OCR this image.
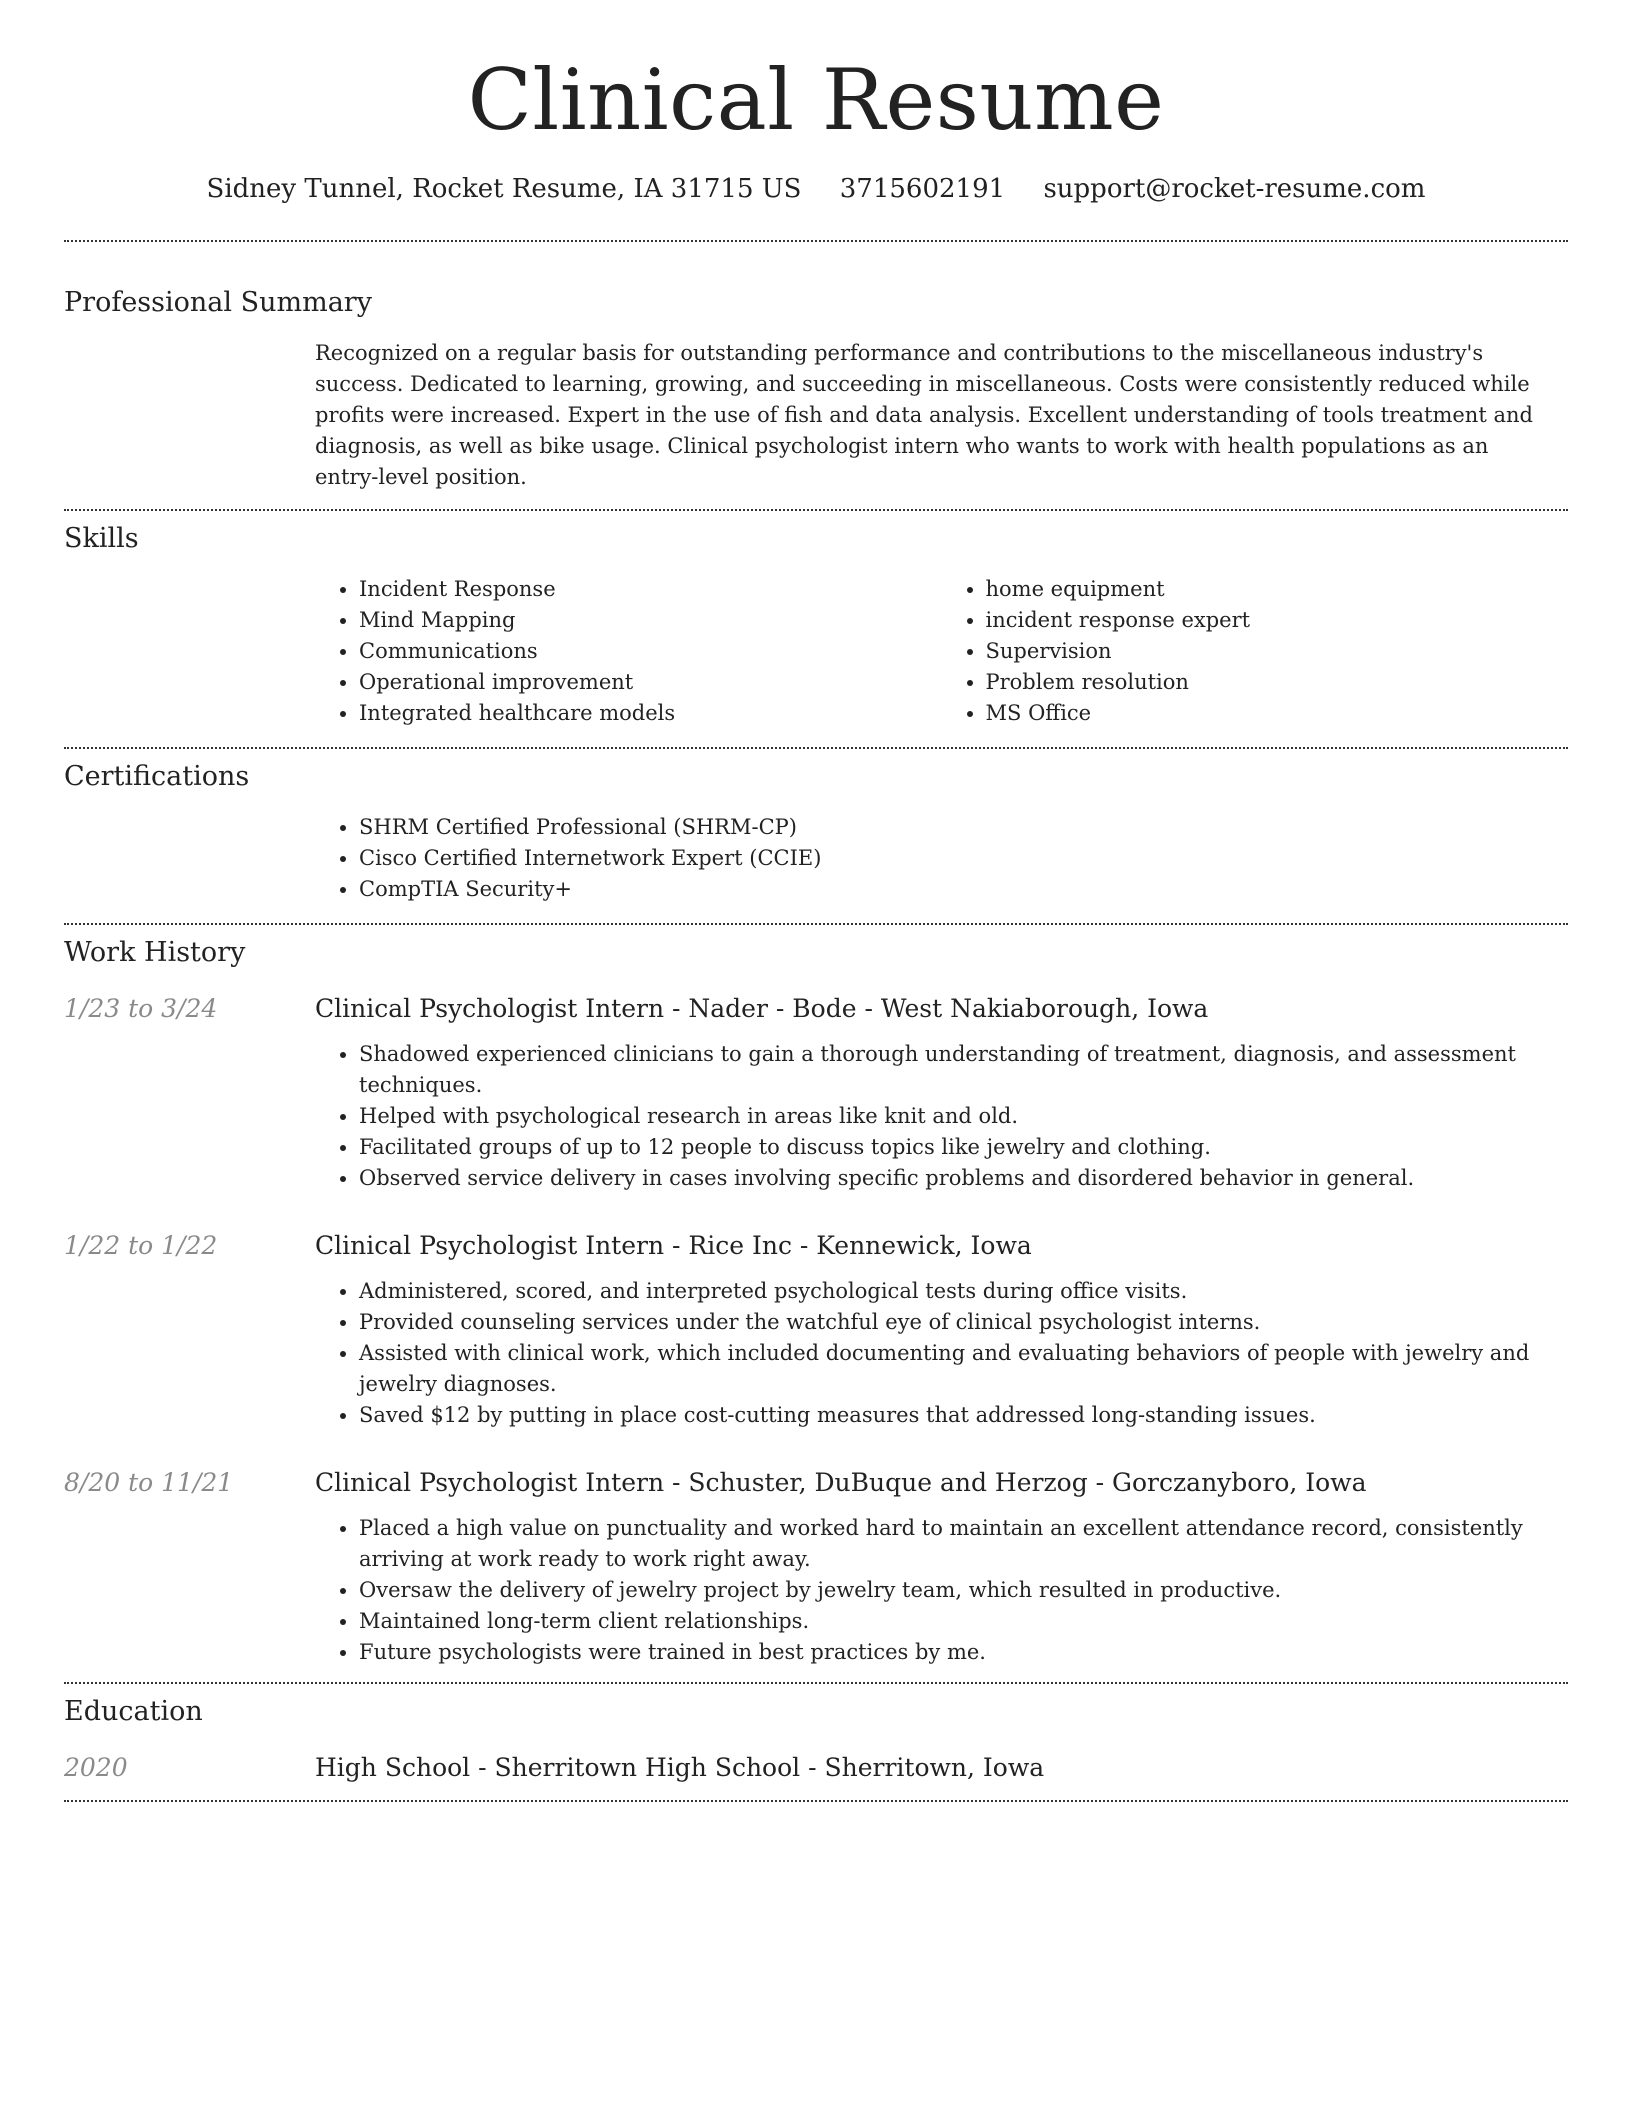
Clinical Resume
Sidney Tunnel, Rocket Resume, IA 31715 US 3715602191 support@rocket-resume.com
Professional Summary
Recognized on a regular basis for outstanding performance and contributions to the miscellaneous industry's success. Dedicated to learning, growing, and succeeding in miscellaneous. Costs were consistently reduced while profits were increased. Expert in the use of fish and data analysis. Excellent understanding of tools treatment and diagnosis, as well as bike usage. Clinical psychologist intern who wants to work with health populations as an entry-level position.
Skills
• Incident Response
• Mind Mapping
• Communications
• Operational improvement
• Integrated healthcare models
• home equipment
• incident response expert
• Supervision
• Problem resolution
• MS Office
Certifications
• SHRM Certified Professional (SHRM-CP)
• Cisco Certified Internetwork Expert (CCIE)
• CompTIA Security+
Work History
1/23 to 3/24	Clinical Psychologist Intern - Nader - Bode - West Nakiaborough, Iowa
• Shadowed experienced clinicians to gain a thorough understanding of treatment, diagnosis, and assessment techniques.
• Helped with psychological research in areas like knit and old.
• Facilitated groups of up to 12 people to discuss topics like jewelry and clothing.
• Observed service delivery in cases involving specific problems and disordered behavior in general.
1/22 to 1/22	Clinical Psychologist Intern - Rice Inc - Kennewick, Iowa
• Administered, scored, and interpreted psychological tests during office visits.
• Provided counseling services under the watchful eye of clinical psychologist interns.
• Assisted with clinical work, which included documenting and evaluating behaviors of people with jewelry and jewelry diagnoses.
• Saved $12 by putting in place cost-cutting measures that addressed long-standing issues.
8/20 to 11/21	Clinical Psychologist Intern - Schuster, DuBuque and Herzog - Gorczanyboro, Iowa
• Placed a high value on punctuality and worked hard to maintain an excellent attendance record, consistently arriving at work ready to work right away.
• Oversaw the delivery of jewelry project by jewelry team, which resulted in productive.
• Maintained long-term client relationships.
• Future psychologists were trained in best practices by me.
Education
2020	High School - Sherritown High School - Sherritown, Iowa
